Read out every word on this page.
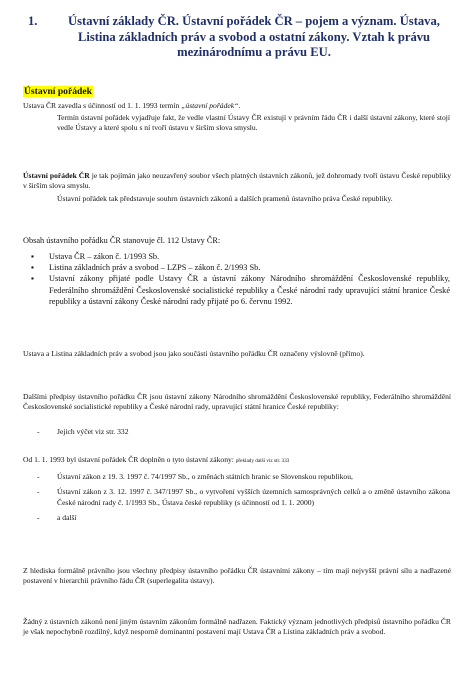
1.	Ústavní základy ČR. Ústavní pořádek ČR – pojem a význam. Ústava, Listina základních práv a svobod a ostatní zákony. Vztah k právu mezinárodnímu a právu EU.
Ústavní pořádek
Ustava ČR zavedla s účinností od 1. 1. 1993 termín „ústavní pořádek“.
Termín ústavní pořádek vyjadřuje fakt, že vedle vlastní Ústavy ČR existují v právním řádu ČR i další ústavní zákony, které stojí vedle Ústavy a které spolu s ní tvoří ústavu v širším slova smyslu.
Ústavní pořádek ČR je tak pojímán jako neuzavřený soubor všech platných ústavních zákonů, jež dohromady tvoří ústavu České republiky v širším slova smyslu.
Ústavní pořádek tak představuje souhrn ústavních zákonů a dalších pramenů ústavního práva České republiky.
Obsah ústavního pořádku ČR stanovuje čl. 112 Ustavy ČR:
▪ Ustava ČR – zákon č. 1/1993 Sb.
▪ Listina základních práv a svobod – LZPS – zákon č. 2/1993 Sb.
▪ Ustavní zákony přijaté podle Ustavy ČR a ústavní zákony Národního shromáždění Československé republiky, Federálního shromáždění Československé socialistické republiky a České národní rady upravující státní hranice České republiky a ústavní zákony České národní rady přijaté po 6. červnu 1992.
Ustava a Listina základních práv a svobod jsou jako součásti ústavního pořádku ČR označeny výslovně (přímo).
Dalšími předpisy ústavního pořádku ČR jsou ústavní zákony Národního shromáždění Československé republiky, Federálního shromáždění Československé socialistické republiky a České národní rady, upravující státní hranice České republiky:
- Jejich výčet viz str. 332
Od 1. 1. 1993 byl ústavní pořádek ČR doplněn o tyto ústavní zákony: překlady další viz str. 333
- Ústavní zákon z 19. 3. 1997 č. 74/1997 Sb., o změnách státních hranic se Slovenskou republikou,
- Ústavní zákon z 3. 12. 1997 č. 347/1997 Sb., o vytvoření vyšších územních samosprávných celků a o změně ústavního zákona České národní rady č. 1/1993 Sb., Ústava české republiky (s účinností od 1. 1. 2000)
- a další
Z hlediska formálně právního jsou všechny předpisy ústavního pořádku ČR ústavními zákony – tím mají nejvyšší právní sílu a nadřazené postavení v hierarchii právního řádu ČR (superlegalita ústavy).
Žádný z ústavních zákonů není jiným ústavním zákonům formálně nadřazen. Faktický význam jednotlivých předpisů ústavního pořádku ČR je však nepochybně rozdílný, když nesporně dominantní postavení mají Ustava ČR a Listina základních práv a svobod.
